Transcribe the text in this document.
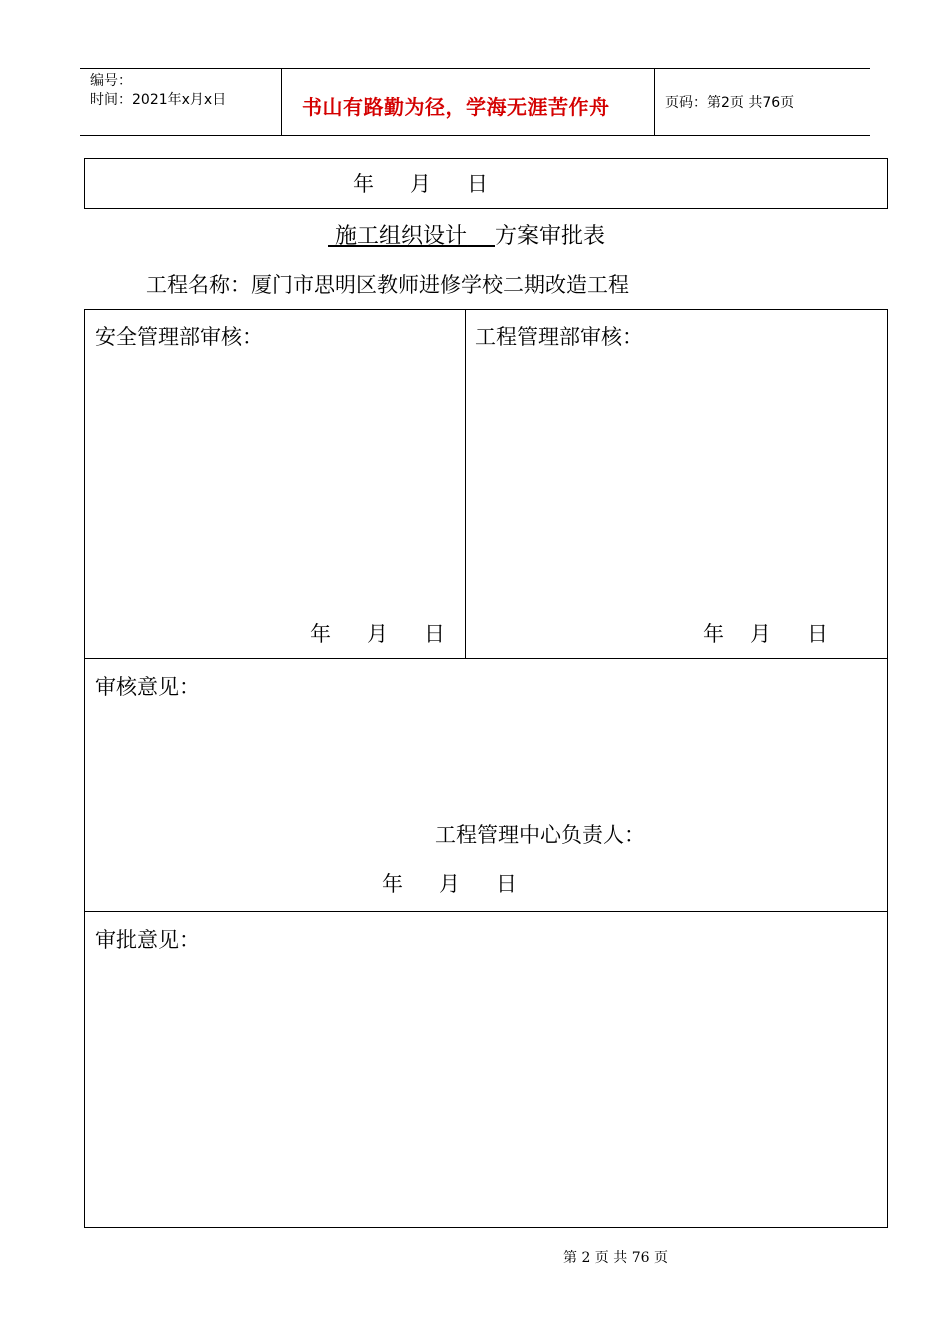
编号：
时间：2021年x月x日	书山有路勤为径，学海无涯苦作舟	页码：第2页 共76页
年 月 日
施工组织设计 方案审批表
工程名称：厦门市思明区教师进修学校二期改造工程
安全管理部审核：
年 月 日
工程管理部审核：
年 月 日
审核意见：
工程管理中心负责人：
年 月 日
审批意见：
第 2 页 共 76 页
